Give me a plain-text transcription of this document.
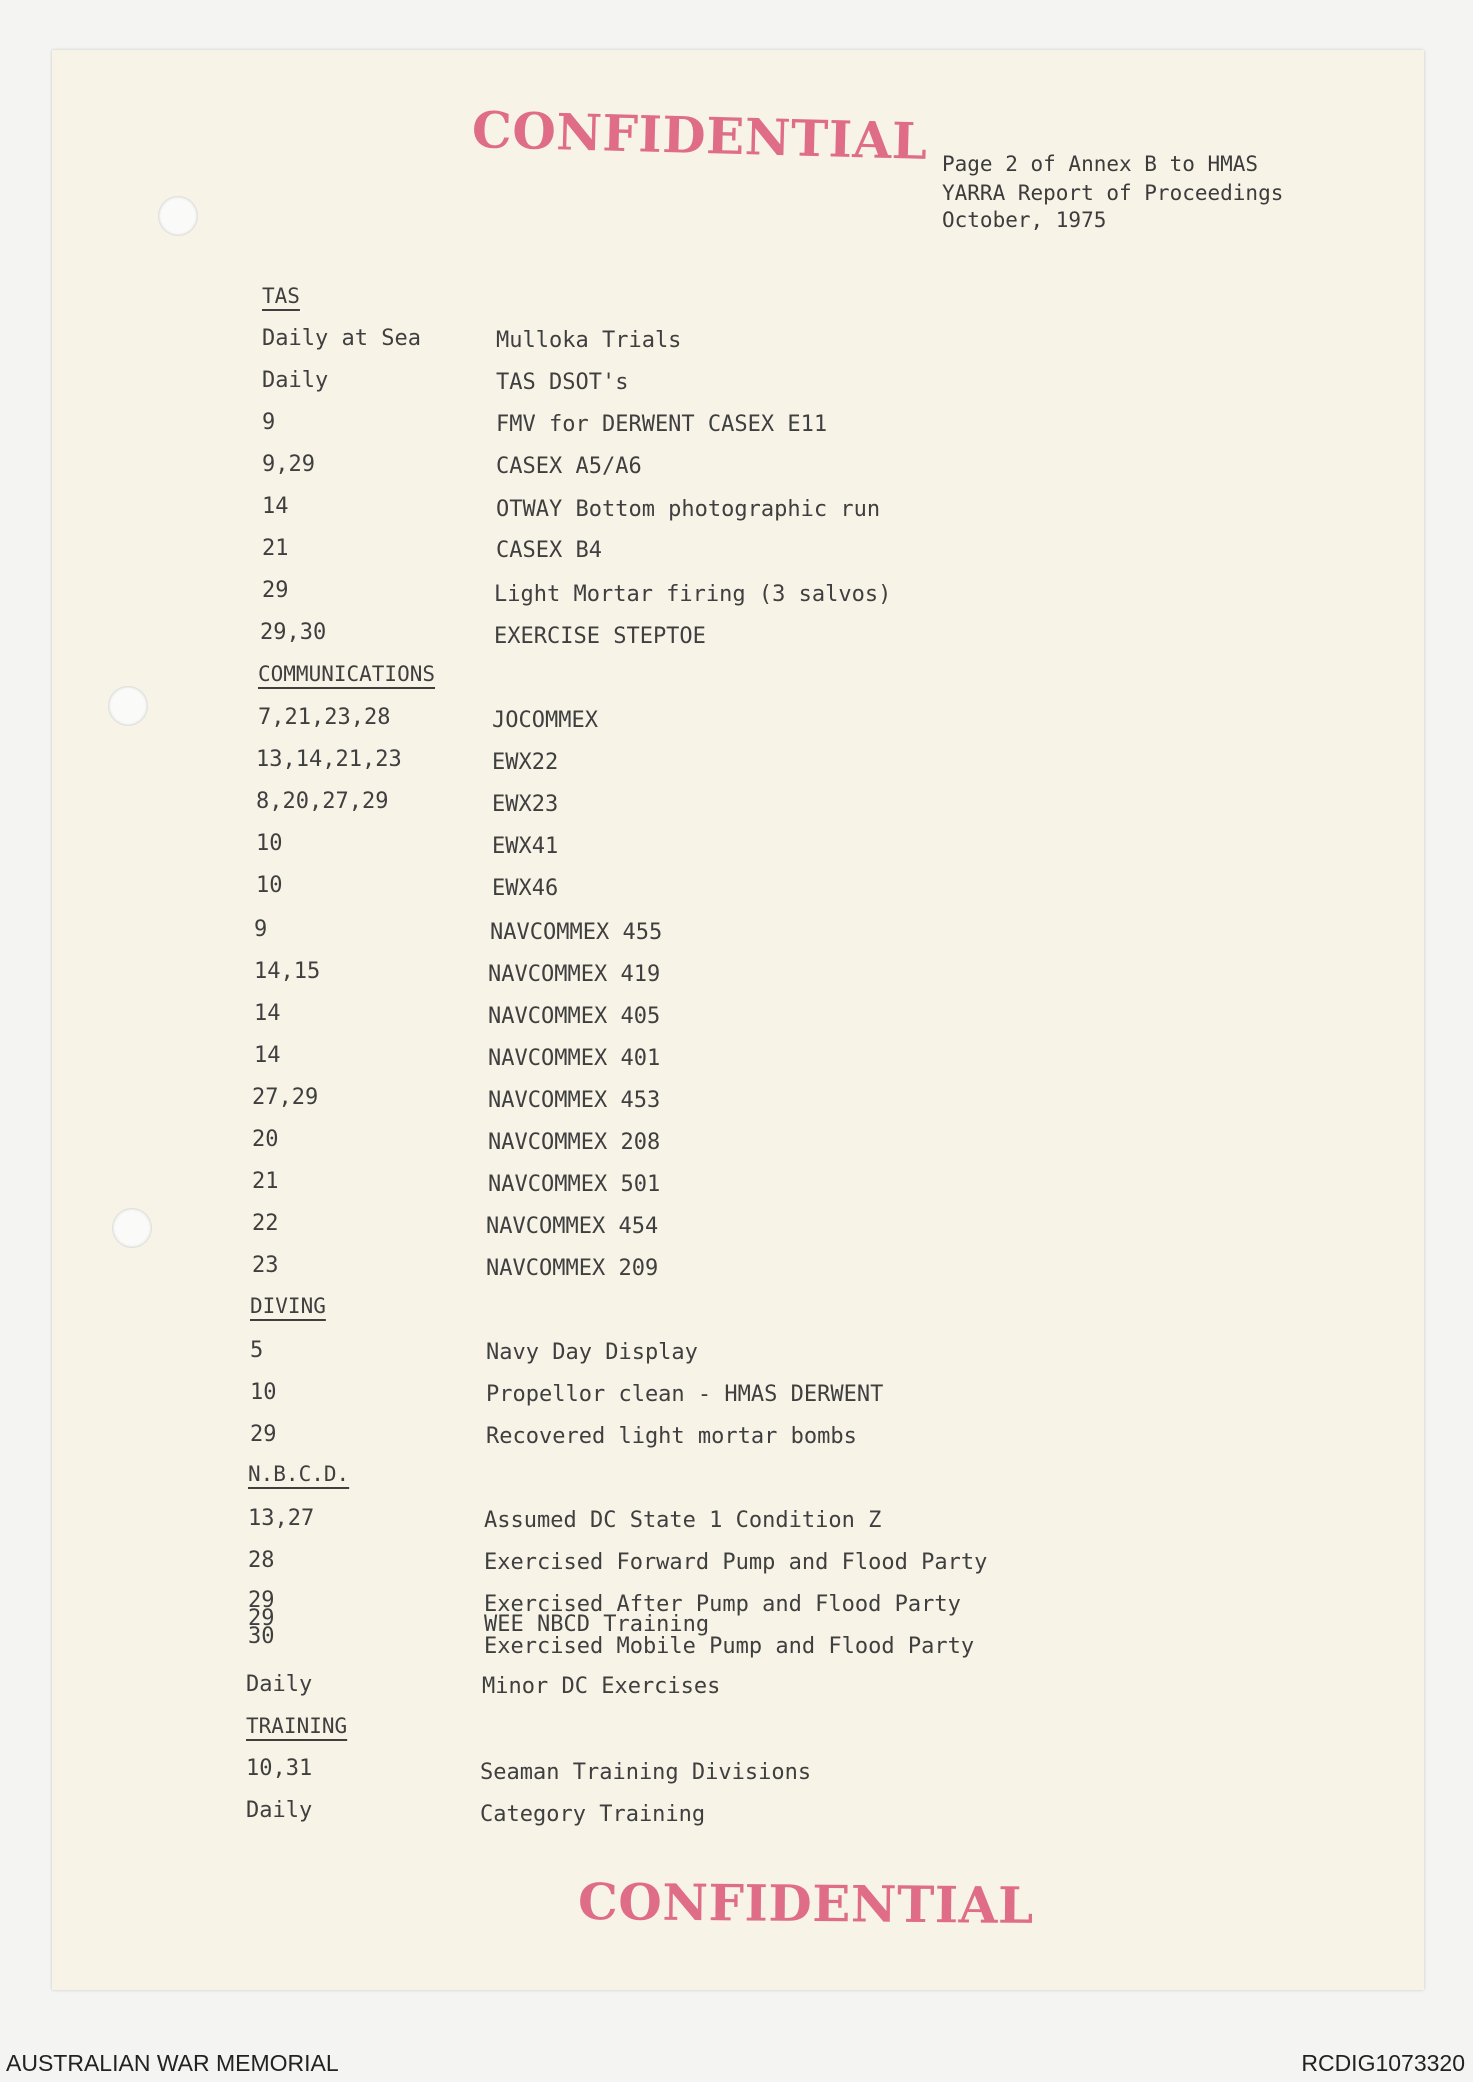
CONFIDENTIAL Page 2 of Annex B to HMAS
YARRA Report of Proceedings
October, 1975
TAS
Daily at Sea	Mulloka Trials
Daily	TAS DSOT's
9	FMV for DERWENT CASEX E11
9,29	CASEX A5/A6
14	OTWAY Bottom photographic run
21	CASEX B4
29	Light Mortar firing (3 salvos)
29,30	EXERCISE STEPTOE
COMMUNICATIONS
7,21,23,28	JOCOMMEX
13,14,21,23	EWX22
8,20,27,29	EWX23
10	EWX41
10	EWX46
9	NAVCOMMEX 455
14,15	NAVCOMMEX 419
14	NAVCOMMEX 405
14	NAVCOMMEX 401
27,29	NAVCOMMEX 453
20	NAVCOMMEX 208
21	NAVCOMMEX 501
22	NAVCOMMEX 454
23	NAVCOMMEX 209
DIVING
5	Navy Day Display
10	Propellor clean - HMAS DERWENT
29	Recovered light mortar bombs
N.B.C.D.
13,27	Assumed DC State 1 Condition Z
28	Exercised Forward Pump and Flood Party
29	Exercised After Pump and Flood Party
29	WEE NBCD Training
30	Exercised Mobile Pump and Flood Party
Daily	Minor DC Exercises
TRAINING
10,31	Seaman Training Divisions
Daily	Category Training
CONFIDENTIAL
AUSTRALIAN WAR MEMORIAL	RCDIG1073320
